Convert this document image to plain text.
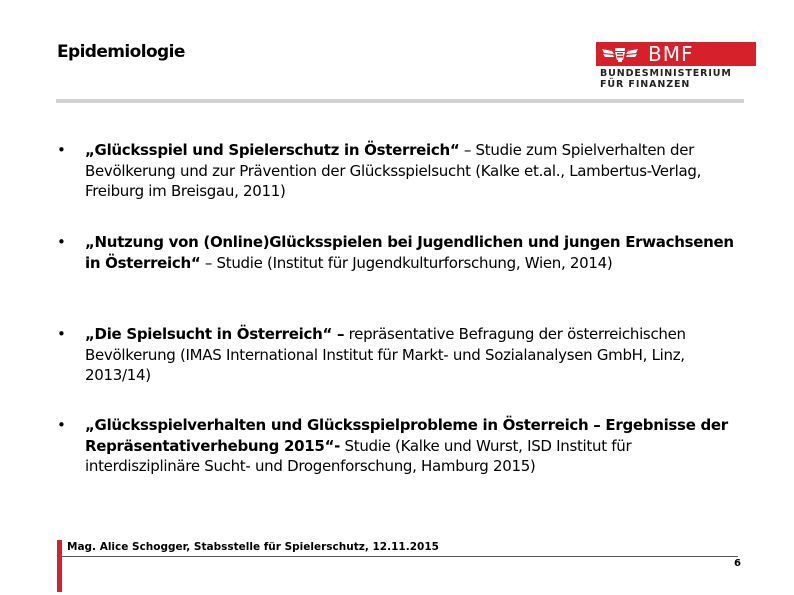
Epidemiologie	BMF
BUNDESMINISTERIUM
FÜR FINANZEN
• „Glücksspiel und Spielerschutz in Österreich“ – Studie zum Spielverhalten der Bevölkerung und zur Prävention der Glücksspielsucht (Kalke et.al., Lambertus-Verlag, Freiburg im Breisgau, 2011)
• „Nutzung von (Online)Glücksspielen bei Jugendlichen und jungen Erwachsenen in Österreich“ – Studie (Institut für Jugendkulturforschung, Wien, 2014)
• „Die Spielsucht in Österreich“ – repräsentative Befragung der österreichischen Bevölkerung (IMAS International Institut für Markt- und Sozialanalysen GmbH, Linz, 2013/14)
• „Glücksspielverhalten und Glücksspielprobleme in Österreich – Ergebnisse der Repräsentativerhebung 2015“- Studie (Kalke und Wurst, ISD Institut für interdisziplinäre Sucht- und Drogenforschung, Hamburg 2015)
Mag. Alice Schogger, Stabsstelle für Spielerschutz, 12.11.2015
6
